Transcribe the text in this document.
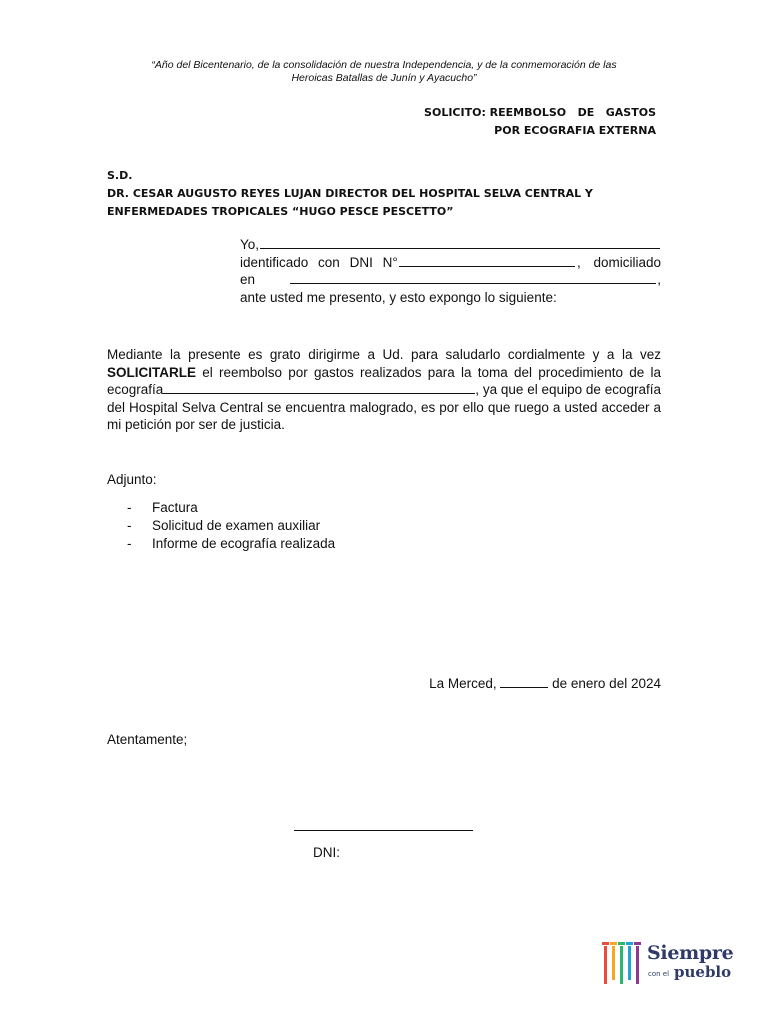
“Año del Bicentenario, de la consolidación de nuestra Independencia, y de la conmemoración de las
Heroicas Batallas de Junín y Ayacucho”
SOLICITO: REEMBOLSO   DE   GASTOS
POR ECOGRAFIA EXTERNA
S.D.
DR. CESAR AUGUSTO REYES LUJAN DIRECTOR DEL HOSPITAL SELVA CENTRAL Y ENFERMEDADES TROPICALES “HUGO PESCE PESCETTO”
Yo,
identificado con DNI N°	, domiciliado
en	,
ante usted me presento, y esto expongo lo siguiente:
Mediante la presente es grato dirigirme a Ud. para saludarlo cordialmente y a la vez SOLICITARLE el reembolso por gastos realizados para la toma del procedimiento de la ecografía	, ya que el equipo de ecografía del Hospital Selva Central se encuentra malogrado, es por ello que ruego a usted acceder a mi petición por ser de justicia.
Adjunto:
-	Factura
-	Solicitud de examen auxiliar
-	Informe de ecografía realizada
La Merced,	de enero del 2024
Atentamente;
DNI:
Siempre
con el pueblo
